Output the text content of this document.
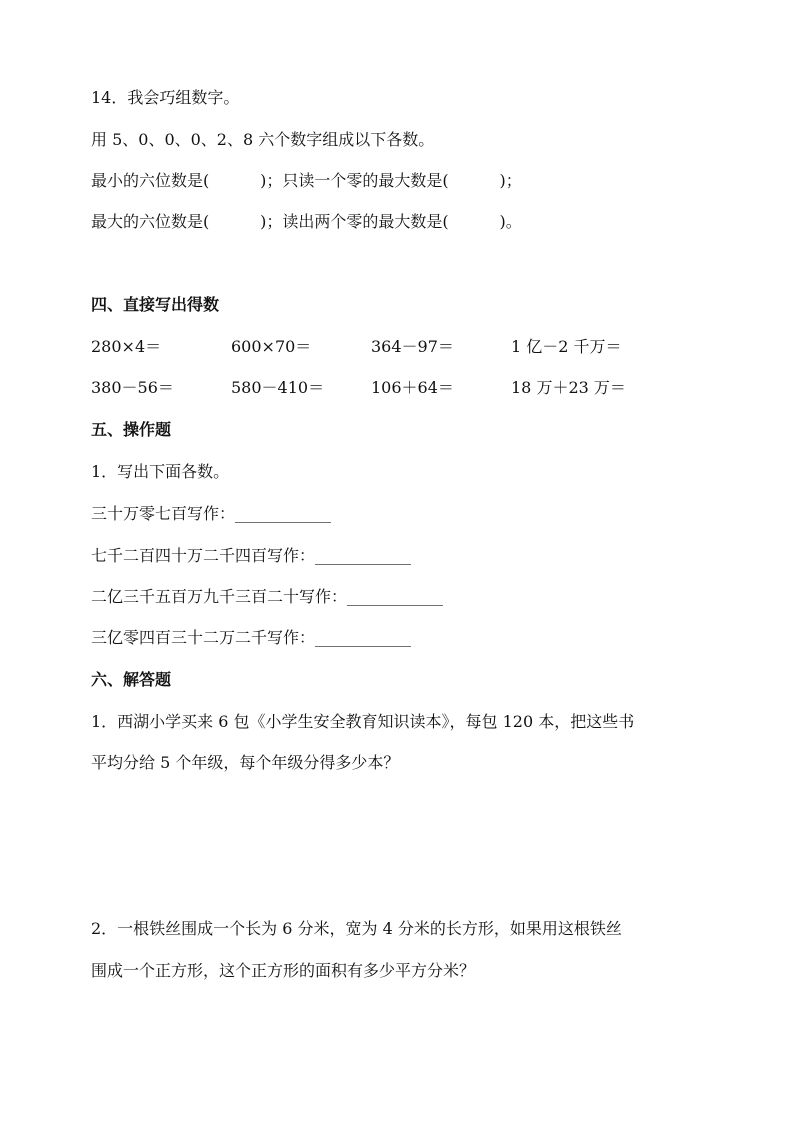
14．我会巧组数字。
用 5、0、0、0、2、8 六个数字组成以下各数。
最小的六位数是(          )；只读一个零的最大数是(          )；
最大的六位数是(          )；读出两个零的最大数是(          )。
四、直接写出得数
280×4＝	600×70＝	364－97＝	1 亿－2 千万＝
380－56＝	580－410＝	106＋64＝	18 万＋23 万＝
五、操作题
1．写出下面各数。
三十万零七百写作：____________
七千二百四十万二千四百写作：____________
二亿三千五百万九千三百二十写作：____________
三亿零四百三十二万二千写作：____________
六、解答题
1．西湖小学买来 6 包《小学生安全教育知识读本》，每包 120 本，把这些书
平均分给 5 个年级，每个年级分得多少本？
2．一根铁丝围成一个长为 6 分米，宽为 4 分米的长方形，如果用这根铁丝
围成一个正方形，这个正方形的面积有多少平方分米？
